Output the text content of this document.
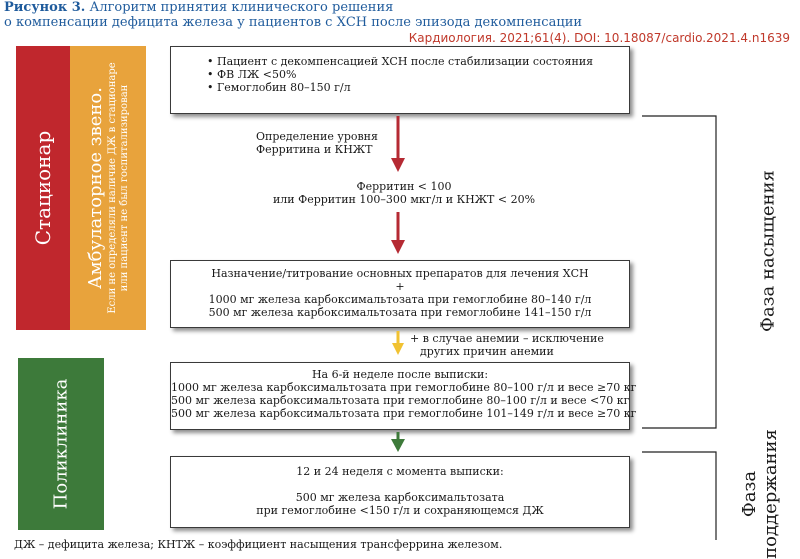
Рисунок 3. Алгоритм принятия клинического решения
о компенсации дефицита железа у пациентов с ХСН после эпизода декомпенсации
Кардиология. 2021;61(4). DOI: 10.18087/cardio.2021.4.n1639
Стационар Амбулаторное звено. Если не определяли наличие ДЖ в стационаре или пациент не был госпитализирован
Поликлиника
• Пациент с декомпенсацией ХСН после стабилизации состояния
• ФВ ЛЖ <50%
• Гемоглобин 80–150 г/л
Определение уровня
Ферритина и КНЖТ
Ферритин < 100
или Ферритин 100–300 мкг/л и КНЖТ < 20%
Назначение/титрование основных препаратов для лечения ХСН
+
1000 мг железа карбоксимальтозата при гемоглобине 80–140 г/л
500 мг железа карбоксимальтозата при гемоглобине 141–150 г/л
+ в случае анемии – исключение
других причин анемии
На 6-й неделе после выписки:
1000 мг железа карбоксимальтозата при гемоглобине 80–100 г/л и весе ≥70 кг
500 мг железа карбоксимальтозата при гемоглобине 80–100 г/л и весе <70 кг
500 мг железа карбоксимальтозата при гемоглобине 101–149 г/л и весе ≥70 кг
12 и 24 неделя с момента выписки:
500 мг железа карбоксимальтозата
при гемоглобине <150 г/л и сохраняющемся ДЖ
Фаза насыщения
Фаза поддержания
ДЖ – дефицита железа; КНТЖ – коэффициент насыщения трансферрина железом.
